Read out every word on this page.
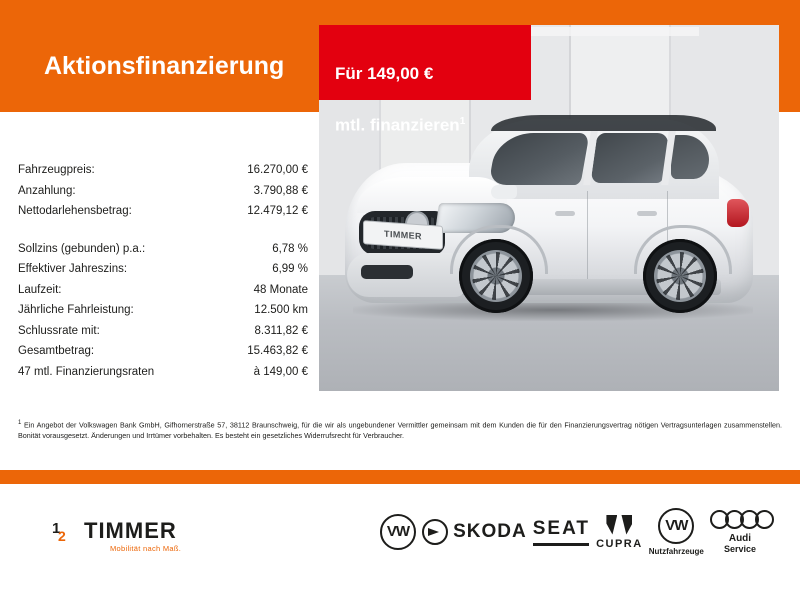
Aktionsfinanzierung
TIMMER

Für 149,00 €

mtl. finanzieren$^1$

Fahrzeugpreis:	16.270,00 €
Anzahlung:	3.790,88 €
Nettodarlehensbetrag:	12.479,12 €
Sollzins (gebunden) p.a.:	6,78 %
Effektiver Jahreszins:	6,99 %
Laufzeit:	48 Monate
Jährliche Fahrleistung:	12.500 km
Schlussrate mit:	8.311,82 €
Gesamtbetrag:	15.463,82 €
47 mtl. Finanzierungsraten	à 149,00 €
$^1$ Ein Angebot der Volkswagen Bank GmbH, Gifhornerstraße 57, 38112 Braunschweig, für die wir als ungebundener Vermittler gemeinsam mit dem Kunden die für den Finanzierungsvertrag nötigen Vertragsunterlagen zusammenstellen. Bonität vorausgesetzt. Änderungen und Irrtümer vorbehalten. Es besteht ein gesetzliches Widerrufsrecht für Verbraucher.
1
2 TIMMER
Mobilität nach Maß.
VW SKODA SEAT
CUPRA
VW
Nutzfahrzeuge
Audi
Service
